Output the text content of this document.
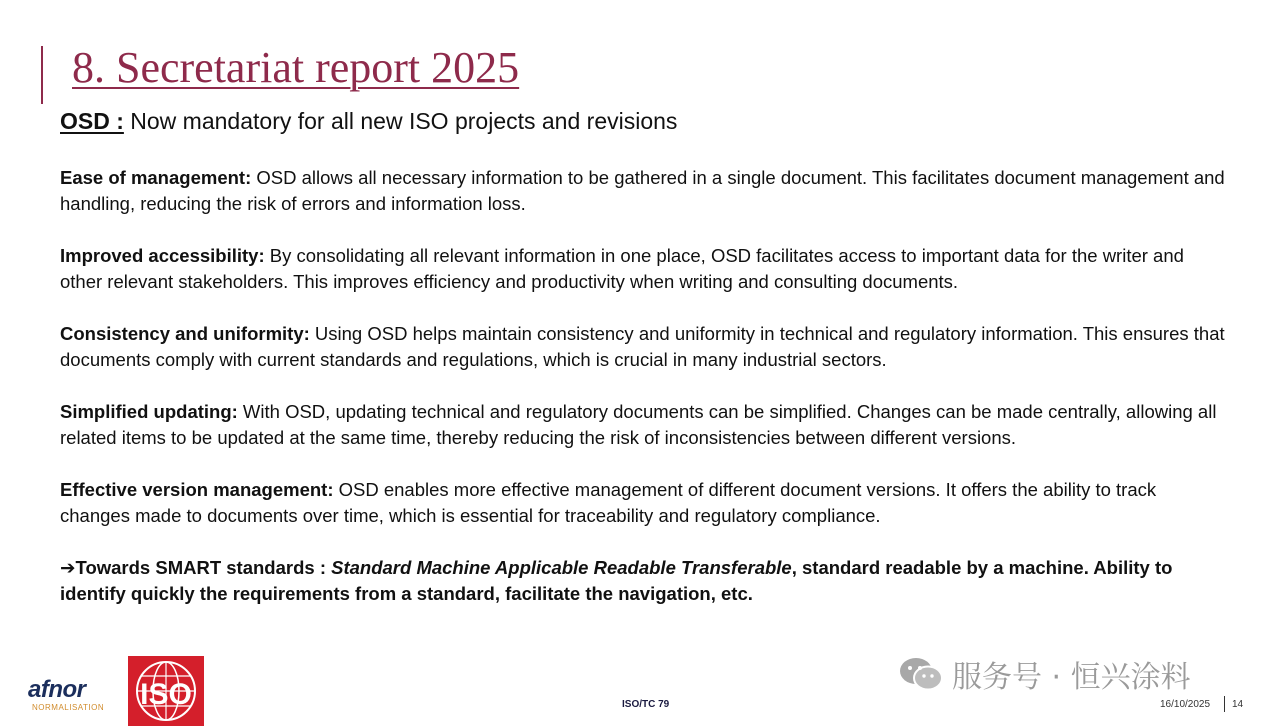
8. Secretariat report 2025
OSD : Now mandatory for all new ISO projects and revisions

Ease of management: OSD allows all necessary information to be gathered in a single document. This facilitates document management and handling, reducing the risk of errors and information loss.

Improved accessibility: By consolidating all relevant information in one place, OSD facilitates access to important data for the writer and other relevant stakeholders. This improves efficiency and productivity when writing and consulting documents.

Consistency and uniformity: Using OSD helps maintain consistency and uniformity in technical and regulatory information. This ensures that documents comply with current standards and regulations, which is crucial in many industrial sectors.

Simplified updating: With OSD, updating technical and regulatory documents can be simplified. Changes can be made centrally, allowing all related items to be updated at the same time, thereby reducing the risk of inconsistencies between different versions.

Effective version management: OSD enables more effective management of different document versions. It offers the ability to track changes made to documents over time, which is essential for traceability and regulatory compliance.

➔Towards SMART standards : Standard Machine Applicable Readable Transferable, standard readable by a machine. Ability to identify quickly the requirements from a standard, facilitate the navigation, etc.

afnor
NORMALISATION	ISO	服务号 · 恒兴涂料
ISO/TC 79	16/10/2025 14
